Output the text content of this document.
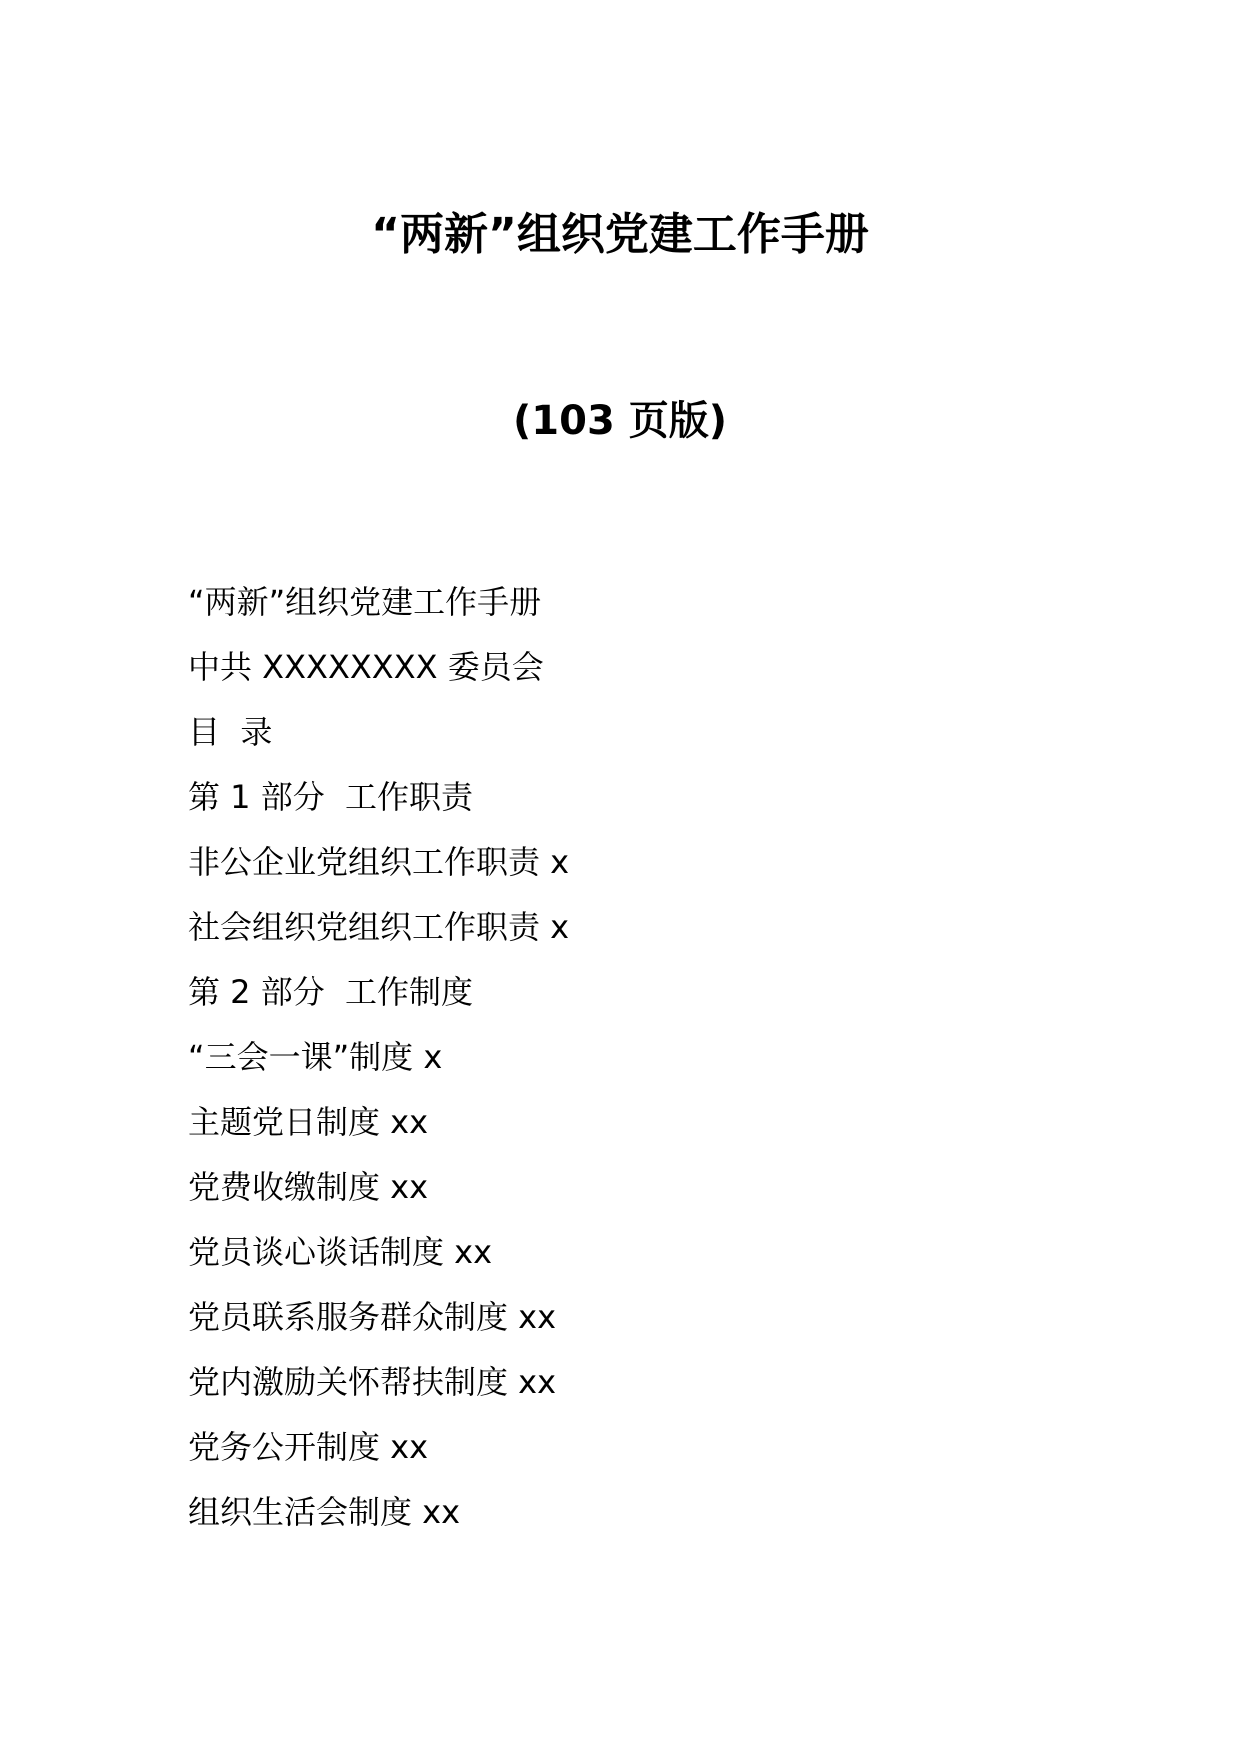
“两新”组织党建工作手册
(103 页版)
“两新”组织党建工作手册
中共 XXXXXXXX 委员会
目  录
第 1 部分  工作职责
非公企业党组织工作职责 x
社会组织党组织工作职责 x
第 2 部分  工作制度
“三会一课”制度 x
主题党日制度 xx
党费收缴制度 xx
党员谈心谈话制度 xx
党员联系服务群众制度 xx
党内激励关怀帮扶制度 xx
党务公开制度 xx
组织生活会制度 xx
